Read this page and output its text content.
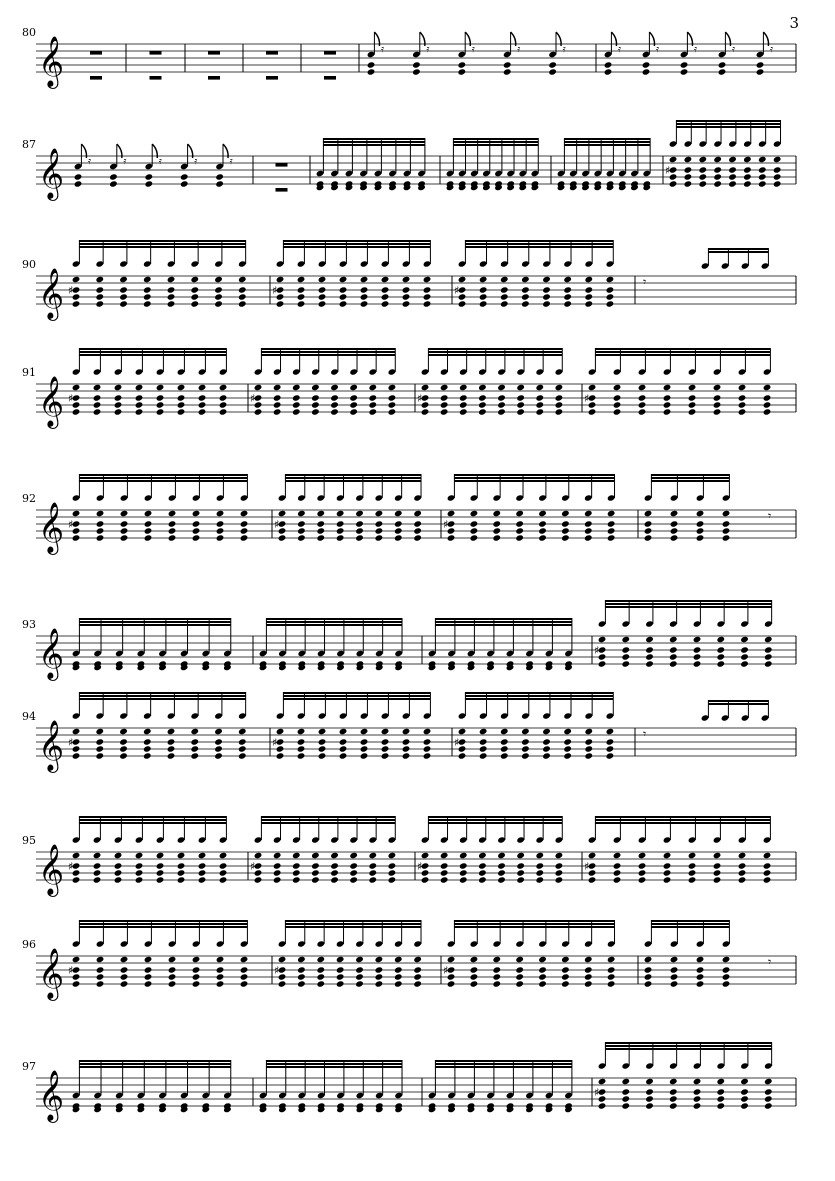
3
80
𝄞	𝄿	𝄿	𝄿	𝄿	𝄿	𝄿	𝄿	𝄿	𝄿	𝄿
87
𝄞 𝄿	𝄿	𝄿	𝄿	𝄿
♯
90
𝄞 ♯	♯	♯
𝄾
91
𝄞 ♯	♯	♯	♯
92
𝄞 ♯	♯	♯
𝄾
93
𝄞	♯
94
𝄞 ♯	♯	♯
𝄾
95
𝄞 ♯	♯	♯	♯
96
𝄞 ♯	♯	♯
𝄾
97
𝄞	♯
